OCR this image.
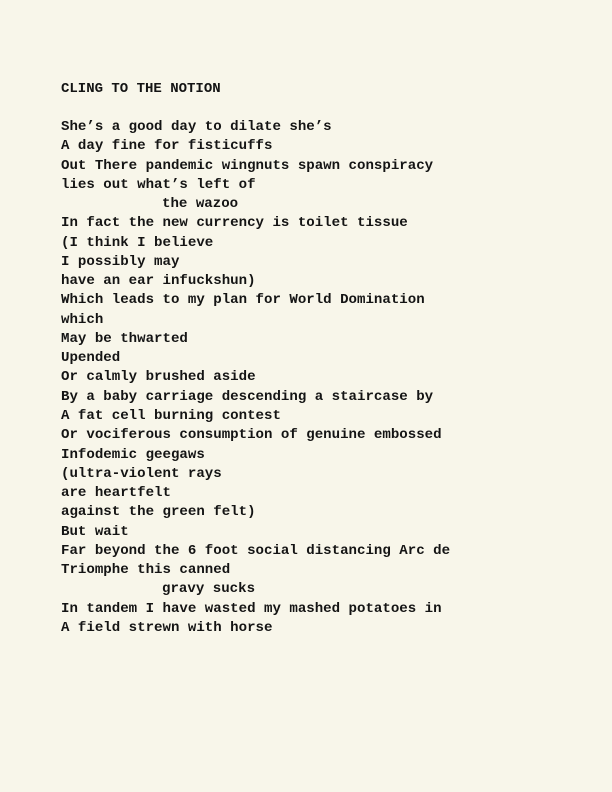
CLING TO THE NOTION
She’s a good day to dilate she’s
A day fine for fisticuffs
Out There pandemic wingnuts spawn conspiracy
lies out what’s left of
the wazoo
In fact the new currency is toilet tissue
(I think I believe
I possibly may
have an ear infuckshun)
Which leads to my plan for World Domination
which
May be thwarted
Upended
Or calmly brushed aside
By a baby carriage descending a staircase by
A fat cell burning contest
Or vociferous consumption of genuine embossed
Infodemic geegaws
(ultra-violent rays
are heartfelt
against the green felt)
But wait
Far beyond the 6 foot social distancing Arc de
Triomphe this canned
gravy sucks
In tandem I have wasted my mashed potatoes in
A field strewn with horse
